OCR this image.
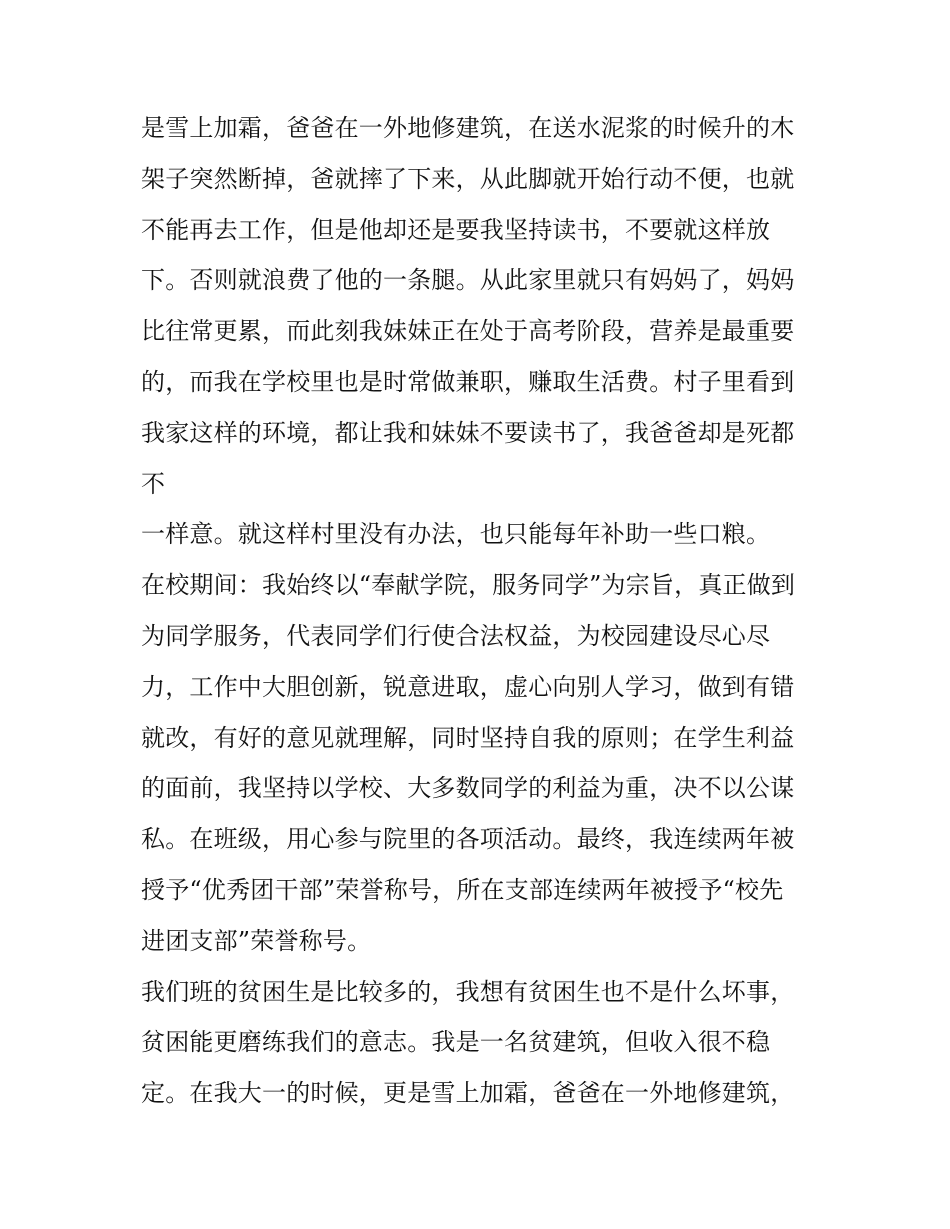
是雪上加霜，爸爸在一外地修建筑，在送水泥浆的时候升的木
架子突然断掉，爸就摔了下来，从此脚就开始行动不便，也就
不能再去工作，但是他却还是要我坚持读书，不要就这样放
下。否则就浪费了他的一条腿。从此家里就只有妈妈了，妈妈
比往常更累，而此刻我妹妹正在处于高考阶段，营养是最重要
的，而我在学校里也是时常做兼职，赚取生活费。村子里看到
我家这样的环境，都让我和妹妹不要读书了，我爸爸却是死都
不
一样意。就这样村里没有办法，也只能每年补助一些口粮。
在校期间：我始终以“奉献学院，服务同学”为宗旨，真正做到
为同学服务，代表同学们行使合法权益，为校园建设尽心尽
力，工作中大胆创新，锐意进取，虚心向别人学习，做到有错
就改，有好的意见就理解，同时坚持自我的原则；在学生利益
的面前，我坚持以学校、大多数同学的利益为重，决不以公谋
私。在班级，用心参与院里的各项活动。最终，我连续两年被
授予“优秀团干部”荣誉称号，所在支部连续两年被授予“校先
进团支部”荣誉称号。
我们班的贫困生是比较多的，我想有贫困生也不是什么坏事，
贫困能更磨练我们的意志。我是一名贫建筑，但收入很不稳
定。在我大一的时候，更是雪上加霜，爸爸在一外地修建筑，
